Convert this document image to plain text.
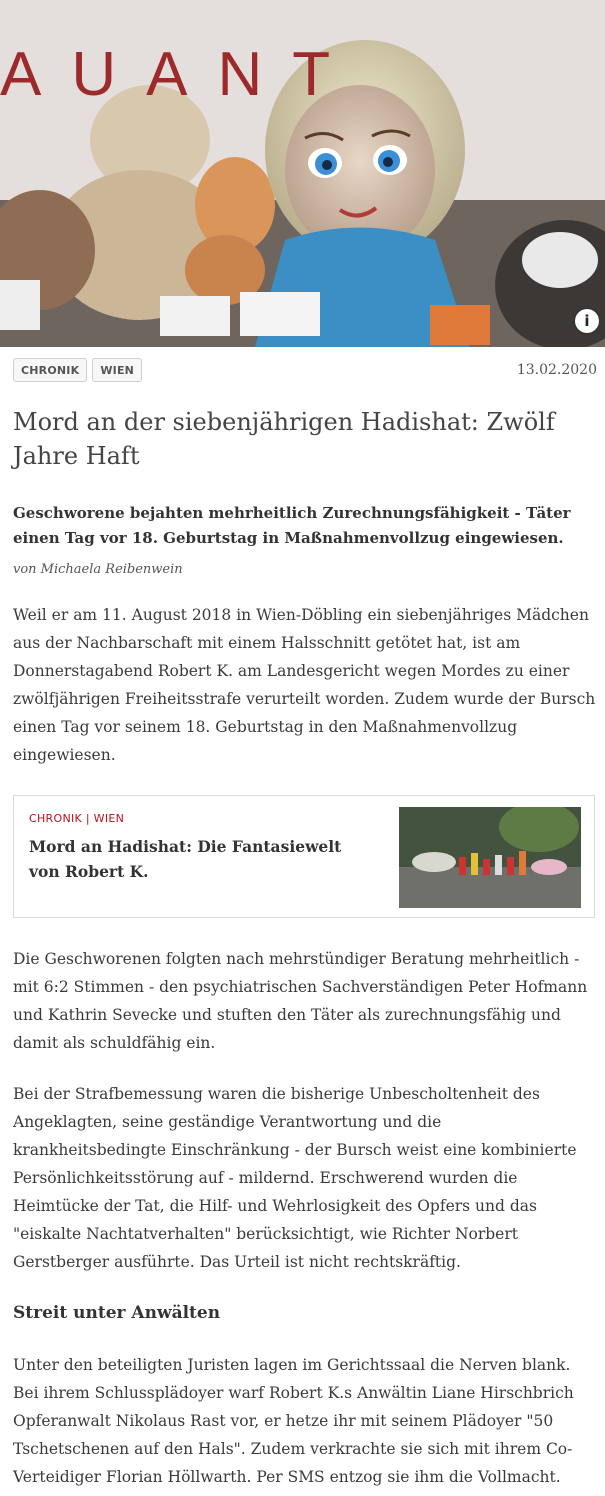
AUANT
i
CHRONIK	WIEN	13.02.2020
Mord an der siebenjährigen Hadishat: Zwölf Jahre Haft
Geschworene bejahten mehrheitlich Zurechnungsfähigkeit - Täter einen Tag vor 18. Geburtstag in Maßnahmenvollzug eingewiesen.
von Michaela Reibenwein

Weil er am 11. August 2018 in Wien-Döbling ein siebenjähriges Mädchen aus der Nachbarschaft mit einem Halsschnitt getötet hat, ist am Donnerstagabend Robert K. am Landesgericht wegen Mordes zu einer zwölfjährigen Freiheitsstrafe verurteilt worden. Zudem wurde der Bursch einen Tag vor seinem 18. Geburtstag in den Maßnahmenvollzug eingewiesen.

CHRONIK | WIEN
Mord an Hadishat: Die Fantasiewelt von Robert K.

Die Geschworenen folgten nach mehrstündiger Beratung mehrheitlich - mit 6:2 Stimmen - den psychiatrischen Sachverständigen Peter Hofmann und Kathrin Sevecke und stuften den Täter als zurechnungsfähig und damit als schuldfähig ein.

Bei der Strafbemessung waren die bisherige Unbescholtenheit des Angeklagten, seine geständige Verantwortung und die krankheitsbedingte Einschränkung - der Bursch weist eine kombinierte Persönlichkeitsstörung auf - mildernd. Erschwerend wurden die Heimtücke der Tat, die Hilf- und Wehrlosigkeit des Opfers und das "eiskalte Nachtatverhalten" berücksichtigt, wie Richter Norbert Gerstberger ausführte. Das Urteil ist nicht rechtskräftig.

Streit unter Anwälten

Unter den beteiligten Juristen lagen im Gerichtssaal die Nerven blank. Bei ihrem Schlussplädoyer warf Robert K.s Anwältin Liane Hirschbrich Opferanwalt Nikolaus Rast vor, er hetze ihr mit seinem Plädoyer "50 Tschetschenen auf den Hals". Zudem verkrachte sie sich mit ihrem Co-Verteidiger Florian Höllwarth. Per SMS entzog sie ihm die Vollmacht.
